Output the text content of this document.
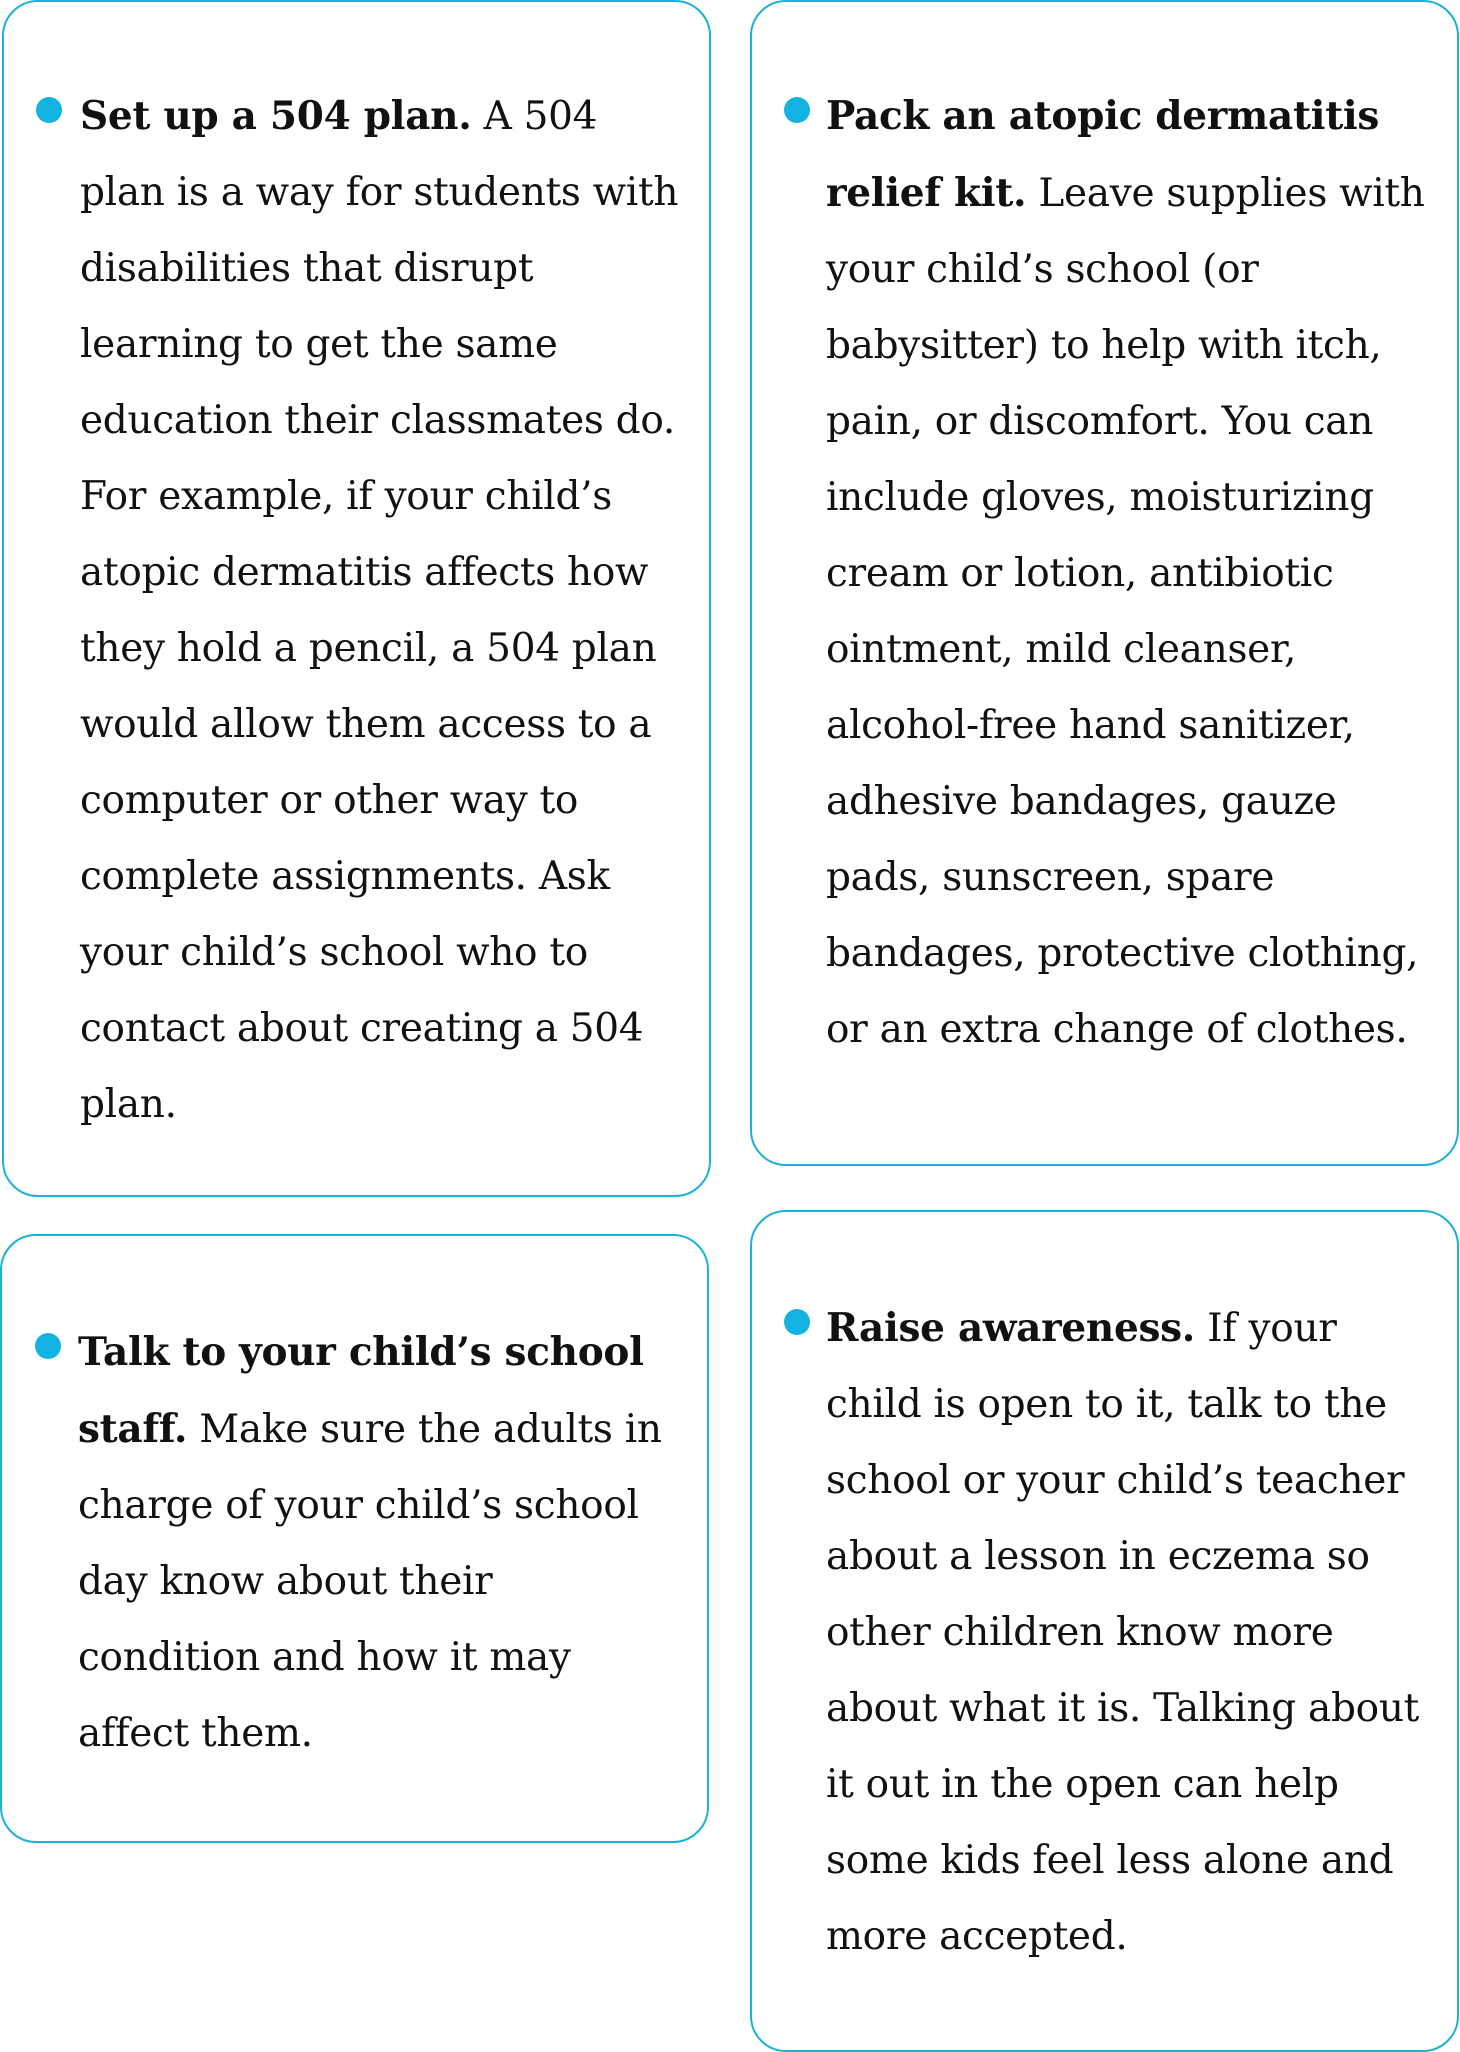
Set up a 504 plan. A 504 plan is a way for students with disabilities that disrupt learning to get the same education their classmates do. For example, if your child’s atopic dermatitis affects how they hold a pencil, a 504 plan would allow them access to a computer or other way to complete assignments. Ask your child’s school who to contact about creating a 504 plan.

Pack an atopic dermatitis relief kit. Leave supplies with your child’s school (or babysitter) to help with itch, pain, or discomfort. You can include gloves, moisturizing cream or lotion, antibiotic ointment, mild cleanser, alcohol-free hand sanitizer, adhesive bandages, gauze pads, sunscreen, spare bandages, protective clothing, or an extra change of clothes.

Talk to your child’s school staff. Make sure the adults in charge of your child’s school day know about their condition and how it may affect them.

Raise awareness. If your child is open to it, talk to the school or your child’s teacher about a lesson in eczema so other children know more about what it is. Talking about it out in the open can help some kids feel less alone and more accepted.
